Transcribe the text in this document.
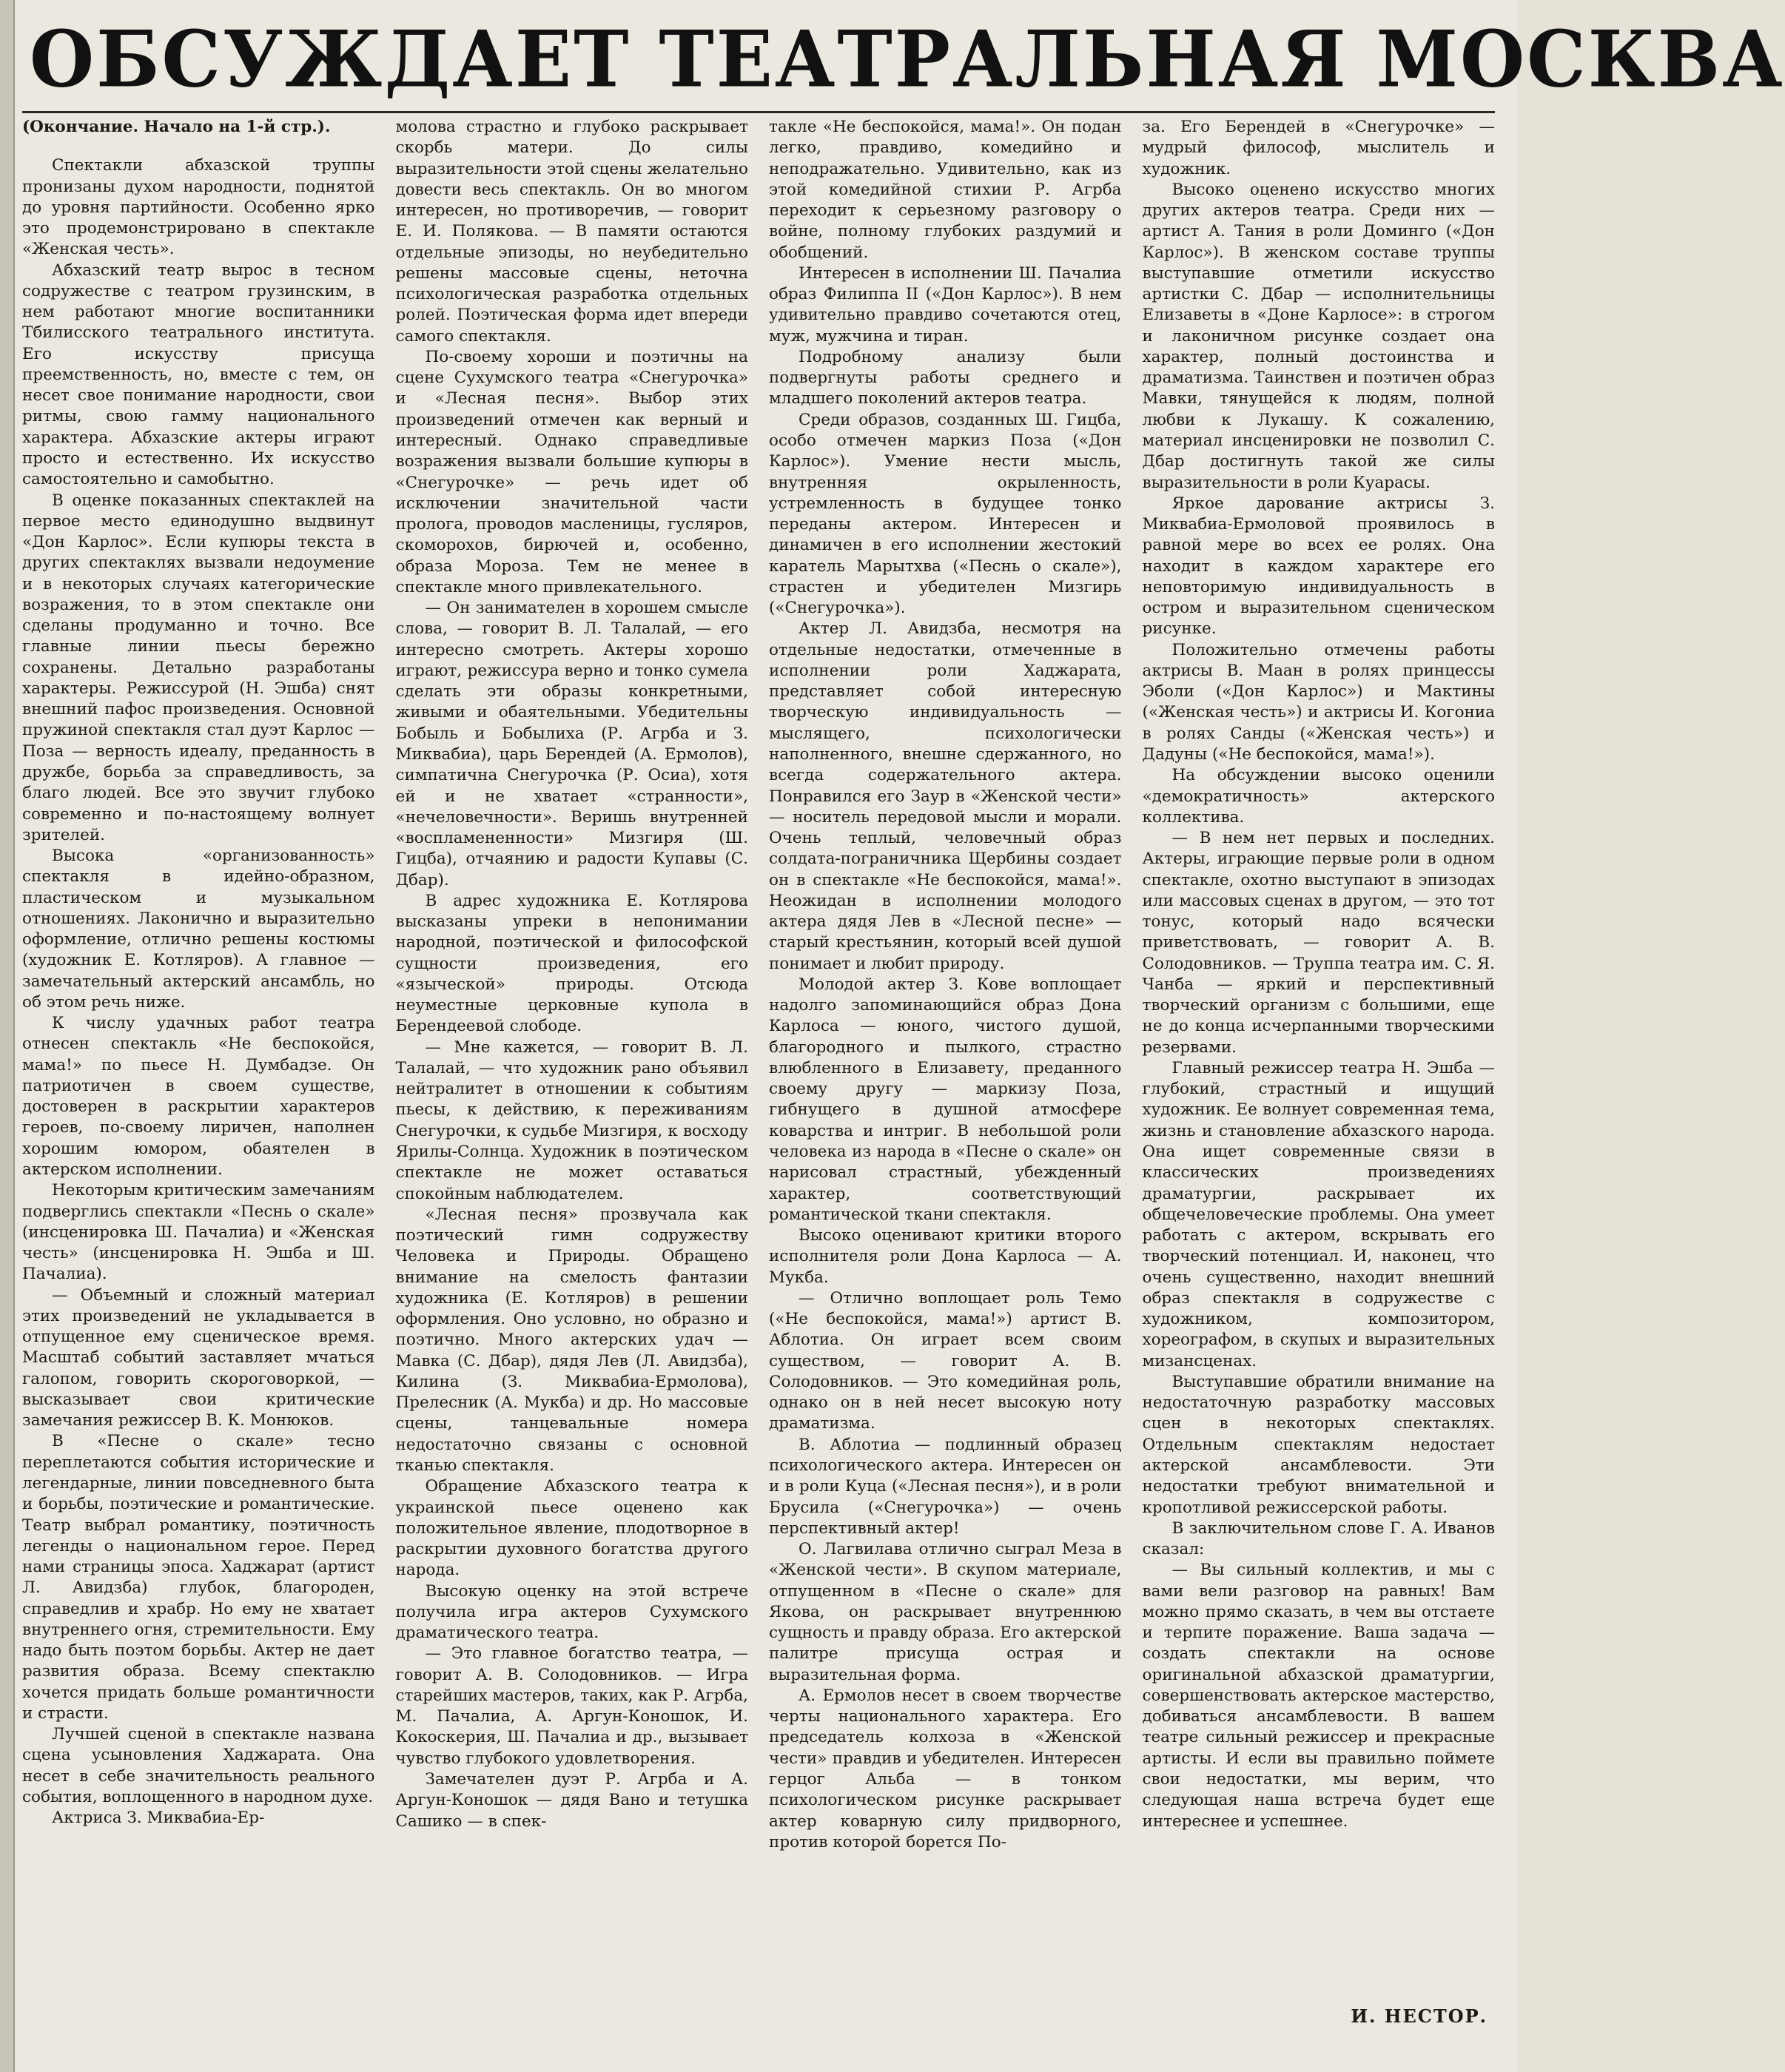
ОБСУЖДАЕТ ТЕАТРАЛЬНАЯ МОСКВА

(Окончание. Начало на 1-й стр.).

Спектакли абхазской труппы пронизаны духом народности, поднятой до уровня партийности. Особенно ярко это продемонстрировано в спектакле «Женская честь».

Абхазский театр вырос в тесном содружестве с театром грузинским, в нем работают многие воспитанники Тбилисского театрального института. Его искусству присуща преемственность, но, вместе с тем, он несет свое понимание народности, свои ритмы, свою гамму национального характера. Абхазские актеры играют просто и естественно. Их искусство самостоятельно и самобытно.

В оценке показанных спектаклей на первое место единодушно выдвинут «Дон Карлос». Если купюры текста в других спектаклях вызвали недоумение и в некоторых случаях категорические возражения, то в этом спектакле они сделаны продуманно и точно. Все главные линии пьесы бережно сохранены. Детально разработаны характеры. Режиссурой (Н. Эшба) снят внешний пафос произведения. Основной пружиной спектакля стал дуэт Карлос — Поза — верность идеалу, преданность в дружбе, борьба за справедливость, за благо людей. Все это звучит глубоко современно и по-настоящему волнует зрителей.

Высока «организованность» спектакля в идейно-образном, пластическом и музыкальном отношениях. Лаконично и выразительно оформление, отлично решены костюмы (художник Е. Котляров). А главное — замечательный актерский ансамбль, но об этом речь ниже.

К числу удачных работ театра отнесен спектакль «Не беспокойся, мама!» по пьесе Н. Думбадзе. Он патриотичен в своем существе, достоверен в раскрытии характеров героев, по-своему лиричен, наполнен хорошим юмором, обаятелен в актерском исполнении.

Некоторым критическим замечаниям подверглись спектакли «Песнь о скале» (инсценировка Ш. Пачалиа) и «Женская честь» (инсценировка Н. Эшба и Ш. Пачалиа).

— Объемный и сложный материал этих произведений не укладывается в отпущенное ему сценическое время. Масштаб событий заставляет мчаться галопом, говорить скороговоркой, — высказывает свои критические замечания режиссер В. К. Монюков.

В «Песне о скале» тесно переплетаются события исторические и легендарные, линии повседневного быта и борьбы, поэтические и романтические. Театр выбрал романтику, поэтичность легенды о национальном герое. Перед нами страницы эпоса. Хаджарат (артист Л. Авидзба) глубок, благороден, справедлив и храбр. Но ему не хватает внутреннего огня, стремительности. Ему надо быть поэтом борьбы. Актер не дает развития образа. Всему спектаклю хочется придать больше романтичности и страсти.

Лучшей сценой в спектакле названа сцена усыновления Хаджарата. Она несет в себе значительность реального события, воплощенного в народном духе.

Актриса З. Миквабиа-Ер-

молова страстно и глубоко раскрывает скорбь матери. До силы выразительности этой сцены желательно довести весь спектакль. Он во многом интересен, но противоречив, — говорит Е. И. Полякова. — В памяти остаются отдельные эпизоды, но неубедительно решены массовые сцены, неточна психологическая разработка отдельных ролей. Поэтическая форма идет впереди самого спектакля.

По-своему хороши и поэтичны на сцене Сухумского театра «Снегурочка» и «Лесная песня». Выбор этих произведений отмечен как верный и интересный. Однако справедливые возражения вызвали большие купюры в «Снегурочке» — речь идет об исключении значительной части пролога, проводов масленицы, гусляров, скоморохов, бирючей и, особенно, образа Мороза. Тем не менее в спектакле много привлекательного.

— Он занимателен в хорошем смысле слова, — говорит В. Л. Талалай, — его интересно смотреть. Актеры хорошо играют, режиссура верно и тонко сумела сделать эти образы конкретными, живыми и обаятельными. Убедительны Бобыль и Бобылиха (Р. Агрба и З. Миквабиа), царь Берендей (А. Ермолов), симпатична Снегурочка (Р. Осиа), хотя ей и не хватает «странности», «нечеловечности». Веришь внутренней «воспламененности» Мизгиря (Ш. Гицба), отчаянию и радости Купавы (С. Дбар).

В адрес художника Е. Котлярова высказаны упреки в непонимании народной, поэтической и философской сущности произведения, его «языческой» природы. Отсюда неуместные церковные купола в Берендеевой слободе.

— Мне кажется, — говорит В. Л. Талалай, — что художник рано объявил нейтралитет в отношении к событиям пьесы, к действию, к переживаниям Снегурочки, к судьбе Мизгиря, к восходу Ярилы-Солнца. Художник в поэтическом спектакле не может оставаться спокойным наблюдателем.

«Лесная песня» прозвучала как поэтический гимн содружеству Человека и Природы. Обращено внимание на смелость фантазии художника (Е. Котляров) в решении оформления. Оно условно, но образно и поэтично. Много актерских удач — Мавка (С. Дбар), дядя Лев (Л. Авидзба), Килина (З. Миквабиа-Ермолова), Прелесник (А. Мукба) и др. Но массовые сцены, танцевальные номера недостаточно связаны с основной тканью спектакля.

Обращение Абхазского театра к украинской пьесе оценено как положительное явление, плодотворное в раскрытии духовного богатства другого народа.

Высокую оценку на этой встрече получила игра актеров Сухумского драматического театра.

— Это главное богатство театра, — говорит А. В. Солодовников. — Игра старейших мастеров, таких, как Р. Агрба, М. Пачалиа, А. Аргун-Коношок, И. Кокоскерия, Ш. Пачалиа и др., вызывает чувство глубокого удовлетворения.

Замечателен дуэт Р. Агрба и А. Аргун-Коношок — дядя Вано и тетушка Сашико — в спек-

такле «Не беспокойся, мама!». Он подан легко, правдиво, комедийно и неподражательно. Удивительно, как из этой комедийной стихии Р. Агрба переходит к серьезному разговору о войне, полному глубоких раздумий и обобщений.

Интересен в исполнении Ш. Пачалиа образ Филиппа II («Дон Карлос»). В нем удивительно правдиво сочетаются отец, муж, мужчина и тиран.

Подробному анализу были подвергнуты работы среднего и младшего поколений актеров театра.

Среди образов, созданных Ш. Гицба, особо отмечен маркиз Поза («Дон Карлос»). Умение нести мысль, внутренняя окрыленность, устремленность в будущее тонко переданы актером. Интересен и динамичен в его исполнении жестокий каратель Марытхва («Песнь о скале»), страстен и убедителен Мизгирь («Снегурочка»).

Актер Л. Авидзба, несмотря на отдельные недостатки, отмеченные в исполнении роли Хаджарата, представляет собой интересную творческую индивидуальность — мыслящего, психологически наполненного, внешне сдержанного, но всегда содержательного актера. Понравился его Заур в «Женской чести» — носитель передовой мысли и морали. Очень теплый, человечный образ солдата-пограничника Щербины создает он в спектакле «Не беспокойся, мама!». Неожидан в исполнении молодого актера дядя Лев в «Лесной песне» — старый крестьянин, который всей душой понимает и любит природу.

Молодой актер З. Кове воплощает надолго запоминающийся образ Дона Карлоса — юного, чистого душой, благородного и пылкого, страстно влюбленного в Елизавету, преданного своему другу — маркизу Поза, гибнущего в душной атмосфере коварства и интриг. В небольшой роли человека из народа в «Песне о скале» он нарисовал страстный, убежденный характер, соответствующий романтической ткани спектакля.

Высоко оценивают критики второго исполнителя роли Дона Карлоса — А. Мукба.

— Отлично воплощает роль Темо («Не беспокойся, мама!») артист В. Аблотиа. Он играет всем своим существом, — говорит А. В. Солодовников. — Это комедийная роль, однако он в ней несет высокую ноту драматизма.

В. Аблотиа — подлинный образец психологического актера. Интересен он и в роли Куца («Лесная песня»), и в роли Брусила («Снегурочка») — очень перспективный актер!

О. Лагвилава отлично сыграл Меза в «Женской чести». В скупом материале, отпущенном в «Песне о скале» для Якова, он раскрывает внутреннюю сущность и правду образа. Его актерской палитре присуща острая и выразительная форма.

А. Ермолов несет в своем творчестве черты национального характера. Его председатель колхоза в «Женской чести» правдив и убедителен. Интересен герцог Альба — в тонком психологическом рисунке раскрывает актер коварную силу придворного, против которой борется По-

за. Его Берендей в «Снегурочке» — мудрый философ, мыслитель и художник.

Высоко оценено искусство многих других актеров театра. Среди них — артист А. Тания в роли Доминго («Дон Карлос»). В женском составе труппы выступавшие отметили искусство артистки С. Дбар — исполнительницы Елизаветы в «Доне Карлосе»: в строгом и лаконичном рисунке создает она характер, полный достоинства и драматизма. Таинствен и поэтичен образ Мавки, тянущейся к людям, полной любви к Лукашу. К сожалению, материал инсценировки не позволил С. Дбар достигнуть такой же силы выразительности в роли Куарасы.

Яркое дарование актрисы З. Миквабиа-Ермоловой проявилось в равной мере во всех ее ролях. Она находит в каждом характере его неповторимую индивидуальность в остром и выразительном сценическом рисунке.

Положительно отмечены работы актрисы В. Маан в ролях принцессы Эболи («Дон Карлос») и Мактины («Женская честь») и актрисы И. Когониа в ролях Санды («Женская честь») и Дадуны («Не беспокойся, мама!»).

На обсуждении высоко оценили «демократичность» актерского коллектива.

— В нем нет первых и последних. Актеры, играющие первые роли в одном спектакле, охотно выступают в эпизодах или массовых сценах в другом, — это тот тонус, который надо всячески приветствовать, — говорит А. В. Солодовников. — Труппа театра им. С. Я. Чанба — яркий и перспективный творческий организм с большими, еще не до конца исчерпанными творческими резервами.

Главный режиссер театра Н. Эшба — глубокий, страстный и ищущий художник. Ее волнует современная тема, жизнь и становление абхазского народа. Она ищет современные связи в классических произведениях драматургии, раскрывает их общечеловеческие проблемы. Она умеет работать с актером, вскрывать его творческий потенциал. И, наконец, что очень существенно, находит внешний образ спектакля в содружестве с художником, композитором, хореографом, в скупых и выразительных мизансценах.

Выступавшие обратили внимание на недостаточную разработку массовых сцен в некоторых спектаклях. Отдельным спектаклям недостает актерской ансамблевости. Эти недостатки требуют внимательной и кропотливой режиссерской работы.

В заключительном слове Г. А. Иванов сказал:

— Вы сильный коллектив, и мы с вами вели разговор на равных! Вам можно прямо сказать, в чем вы отстаете и терпите поражение. Ваша задача — создать спектакли на основе оригинальной абхазской драматургии, совершенствовать актерское мастерство, добиваться ансамблевости. В вашем театре сильный режиссер и прекрасные артисты. И если вы правильно поймете свои недостатки, мы верим, что следующая наша встреча будет еще интереснее и успешнее.

И. НЕСТОР.
